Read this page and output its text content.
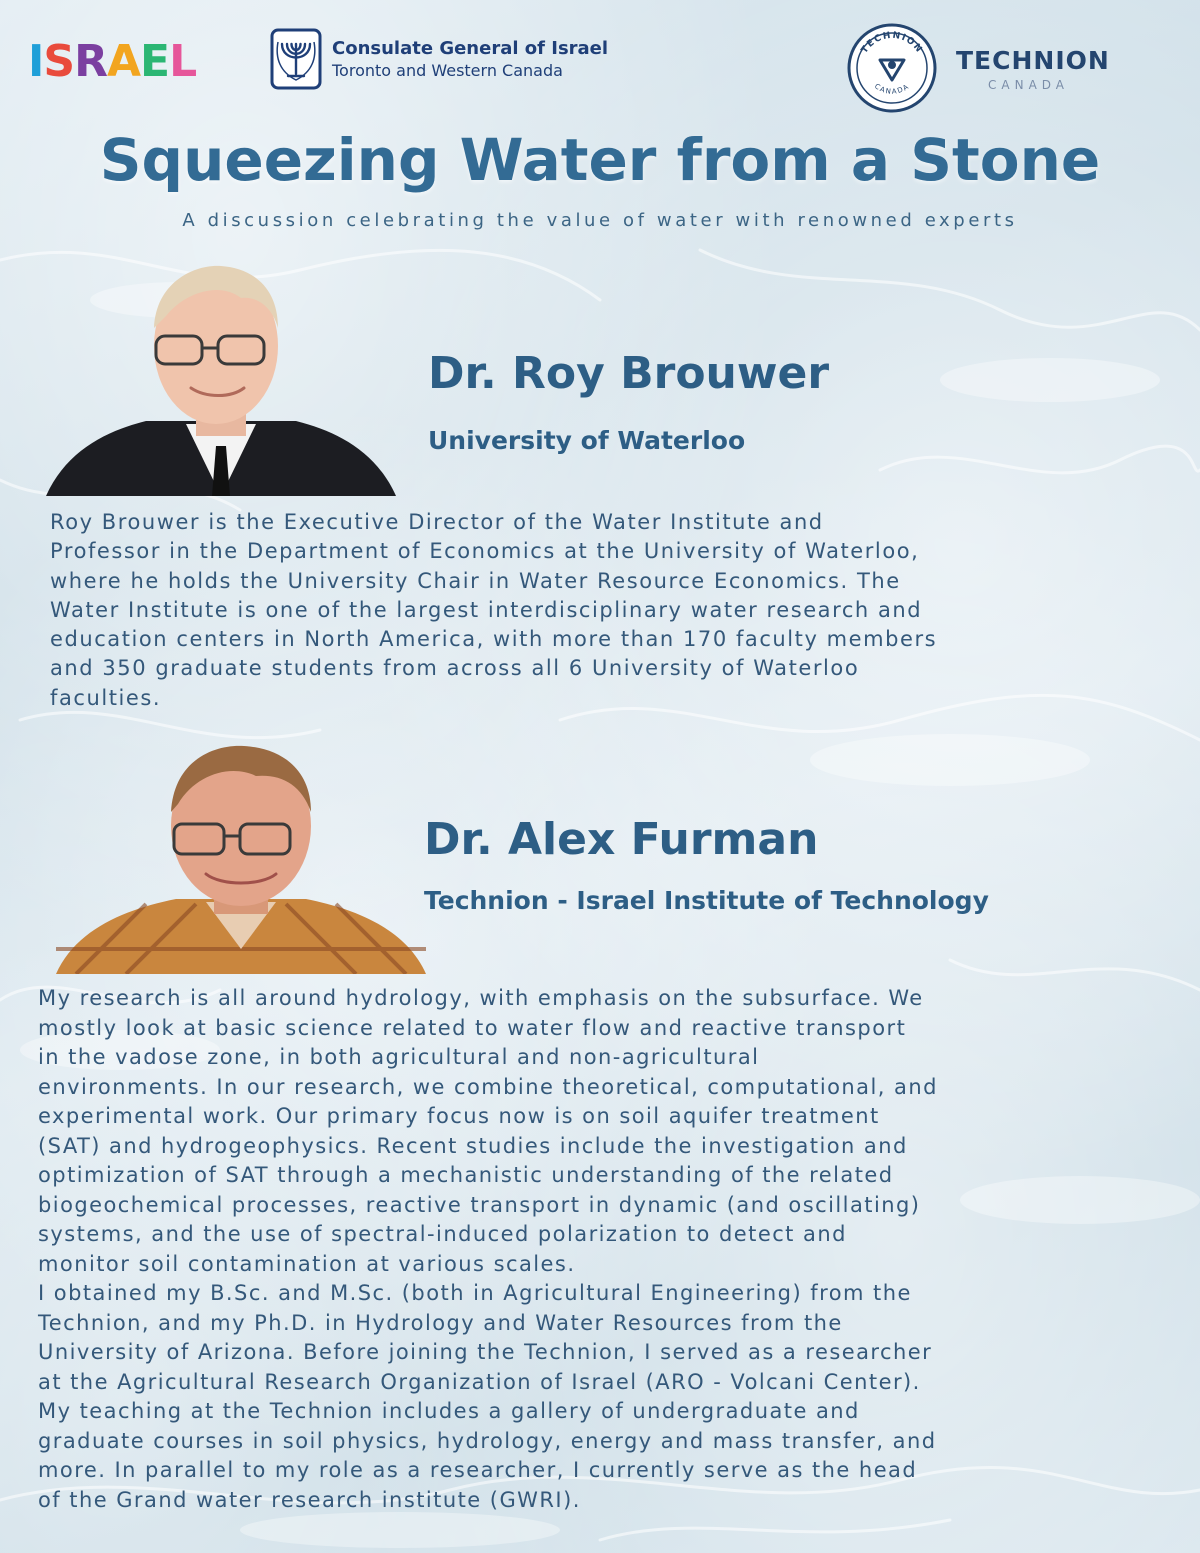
I S R A E L	Consulate General of Israel
Toronto and Western Canada
TECHNION
CANADA
TECHNION
CANADA
Squeezing Water from a Stone
A discussion celebrating the value of water with renowned experts
Dr. Roy Brouwer
University of Waterloo

Roy Brouwer is the Executive Director of the Water Institute and
Professor in the Department of Economics at the University of Waterloo,
where he holds the University Chair in Water Resource Economics. The
Water Institute is one of the largest interdisciplinary water research and
education centers in North America, with more than 170 faculty members
and 350 graduate students from across all 6 University of Waterloo
faculties.

Dr. Alex Furman
Technion - Israel Institute of Technology

My research is all around hydrology, with emphasis on the subsurface. We
mostly look at basic science related to water flow and reactive transport
in the vadose zone, in both agricultural and non-agricultural
environments. In our research, we combine theoretical, computational, and
experimental work. Our primary focus now is on soil aquifer treatment
(SAT) and hydrogeophysics. Recent studies include the investigation and
optimization of SAT through a mechanistic understanding of the related
biogeochemical processes, reactive transport in dynamic (and oscillating)
systems, and the use of spectral-induced polarization to detect and
monitor soil contamination at various scales.
I obtained my B.Sc. and M.Sc. (both in Agricultural Engineering) from the
Technion, and my Ph.D. in Hydrology and Water Resources from the
University of Arizona. Before joining the Technion, I served as a researcher
at the Agricultural Research Organization of Israel (ARO - Volcani Center).
My teaching at the Technion includes a gallery of undergraduate and
graduate courses in soil physics, hydrology, energy and mass transfer, and
more. In parallel to my role as a researcher, I currently serve as the head
of the Grand water research institute (GWRI).
